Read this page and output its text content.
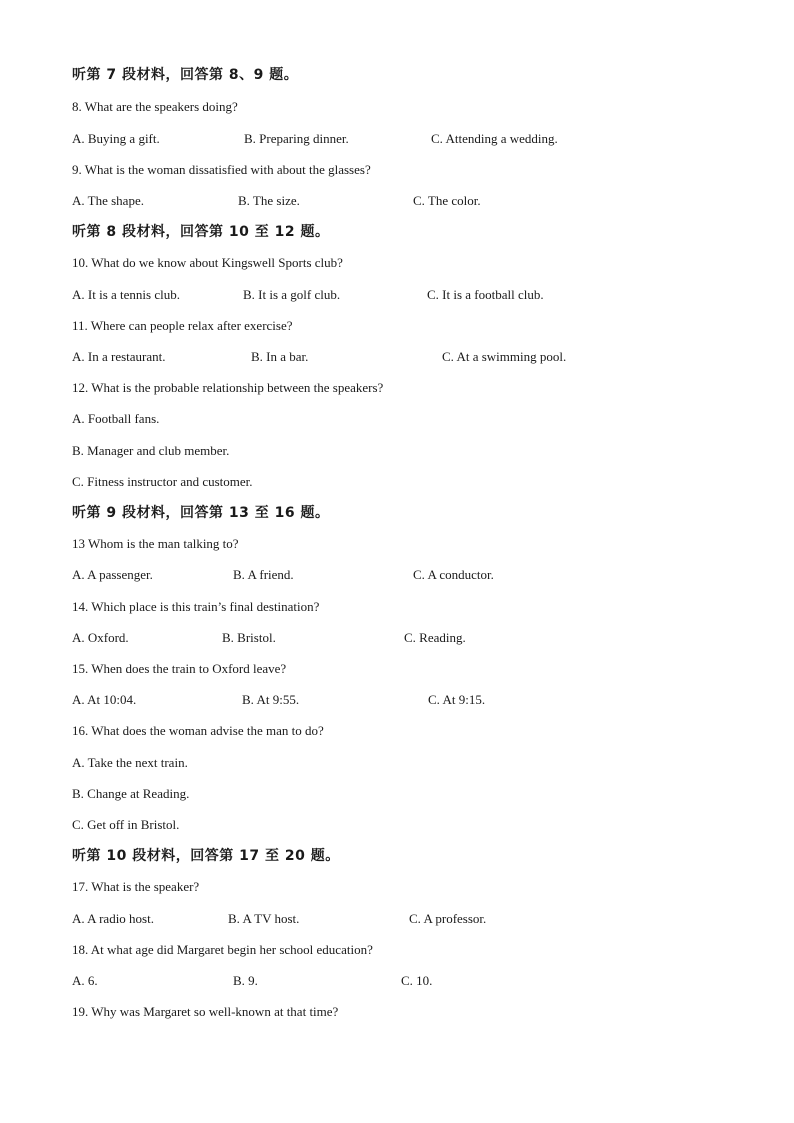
听第 7 段材料，回答第 8、9 题。
8. What are the speakers doing?
A. Buying a gift.	B. Preparing dinner.	C. Attending a wedding.
9. What is the woman dissatisfied with about the glasses?
A. The shape.	B. The size.	C. The color.
听第 8 段材料，回答第 10 至 12 题。
10. What do we know about Kingswell Sports club?
A. It is a tennis club.	B. It is a golf club.	C. It is a football club.
11. Where can people relax after exercise?
A. In a restaurant.	B. In a bar.	C. At a swimming pool.
12. What is the probable relationship between the speakers?
A. Football fans.
B. Manager and club member.
C. Fitness instructor and customer.
听第 9 段材料，回答第 13 至 16 题。
13 Whom is the man talking to?
A. A passenger.	B. A friend.	C. A conductor.
14. Which place is this train’s final destination?
A. Oxford.	B. Bristol.	C. Reading.
15. When does the train to Oxford leave?
A. At 10:04.	B. At 9:55.	C. At 9:15.
16. What does the woman advise the man to do?
A. Take the next train.
B. Change at Reading.
C. Get off in Bristol.
听第 10 段材料，回答第 17 至 20 题。
17. What is the speaker?
A. A radio host.	B. A TV host.	C. A professor.
18. At what age did Margaret begin her school education?
A. 6.	B. 9.	C. 10.
19. Why was Margaret so well-known at that time?
